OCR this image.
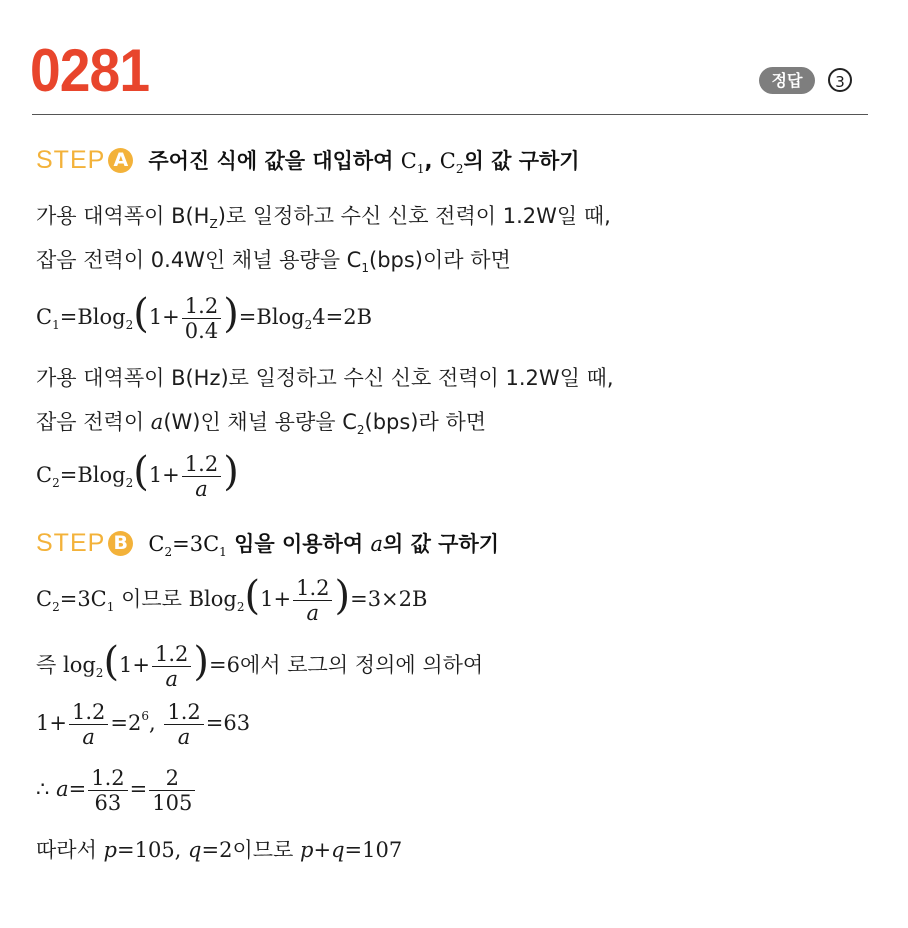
0281	정답	3
STEP A 주어진 식에 값을 대입하여 $C_1$, $C_2$의 값 구하기
가용 대역폭이 $B(H_Z)$로 일정하고 수신 신호 전력이 1.2W일 때,
잡음 전력이 0.4W인 채널 용량을 $C_1(bps)$이라 하면
$C_1=Blog_2(1+ \frac{1.2}{0.4} )=Blog_24=2B$
가용 대역폭이 B(Hz)로 일정하고 수신 신호 전력이 1.2W일 때,
잡음 전력이 a(W)인 채널 용량을 $C_2(bps)$라 하면
$C_2=Blog_2(1+ \frac{1.2}{a}$ )
STEP B $C_2=3C_1$ 임을 이용하여 a의 값 구하기
$C_2=3C_1$ 이므로 $Blog_2(1+ \frac{1.2}{a} )=3\times 2B$
즉 $\log_2(1+ \frac{1.2}{a} )=6$에서 로그의 정의에 의하여
$1+ \frac{1.2}{a} =2^6$, $\frac{1.2}{a} =63$
∴ $a= \frac{1.2}{63} = \frac{2}{105}$
따라서 p=105, q=2이므로 p+q=107
